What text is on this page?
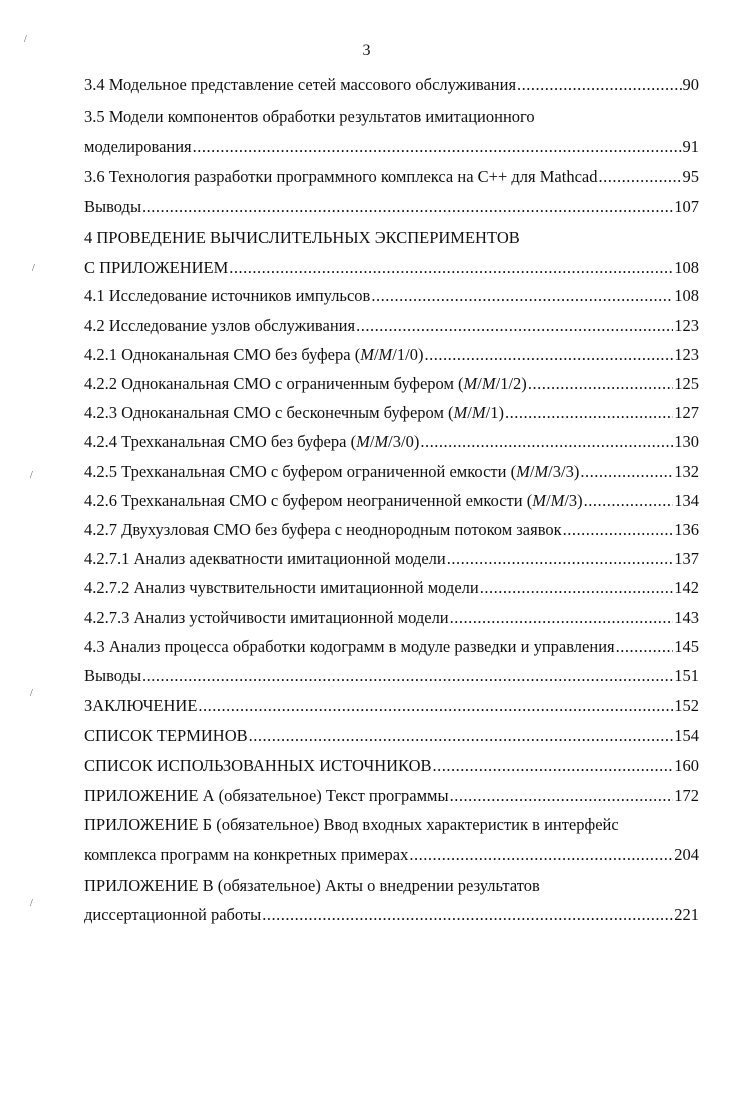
3
3.4 Модельное представление сетей массового обслуживания .....	90
3.5 Модели компонентов обработки результатов имитационного
моделирования .....	91
3.6 Технология разработки программного комплекса на С++ для Mathcad .....	95
Выводы .....	107
4 ПРОВЕДЕНИЕ ВЫЧИСЛИТЕЛЬНЫХ ЭКСПЕРИМЕНТОВ
С ПРИЛОЖЕНИЕМ .....	108
4.1 Исследование источников импульсов .....	108
4.2 Исследование узлов обслуживания .....	123
4.2.1 Одноканальная СМО без буфера (M/M/1/0) .....	123
4.2.2 Одноканальная СМО с ограниченным буфером (M/M/1/2) .....	125
4.2.3 Одноканальная СМО с бесконечным буфером (M/M/1) .....	127
4.2.4 Трехканальная СМО без буфера (M/M/3/0) .....	130
4.2.5 Трехканальная СМО с буфером ограниченной емкости (M/M/3/3) .....	132
4.2.6 Трехканальная СМО с буфером неограниченной емкости (M/M/3) .....	134
4.2.7 Двухузловая СМО без буфера с неоднородным потоком заявок .....	136
4.2.7.1 Анализ адекватности имитационной модели .....	137
4.2.7.2 Анализ чувствительности имитационной модели .....	142
4.2.7.3 Анализ устойчивости имитационной модели .....	143
4.3 Анализ процесса обработки кодограмм в модуле разведки и управления .....	145
Выводы .....	151
ЗАКЛЮЧЕНИЕ .....	152
СПИСОК ТЕРМИНОВ .....	154
СПИСОК ИСПОЛЬЗОВАННЫХ ИСТОЧНИКОВ .....	160
ПРИЛОЖЕНИЕ А (обязательное) Текст программы .....	172
ПРИЛОЖЕНИЕ Б (обязательное) Ввод входных характеристик в интерфейс
комплекса программ на конкретных примерах .....	204
ПРИЛОЖЕНИЕ В (обязательное) Акты о внедрении результатов
диссертационной работы .....	221
/
/
/
/
/
